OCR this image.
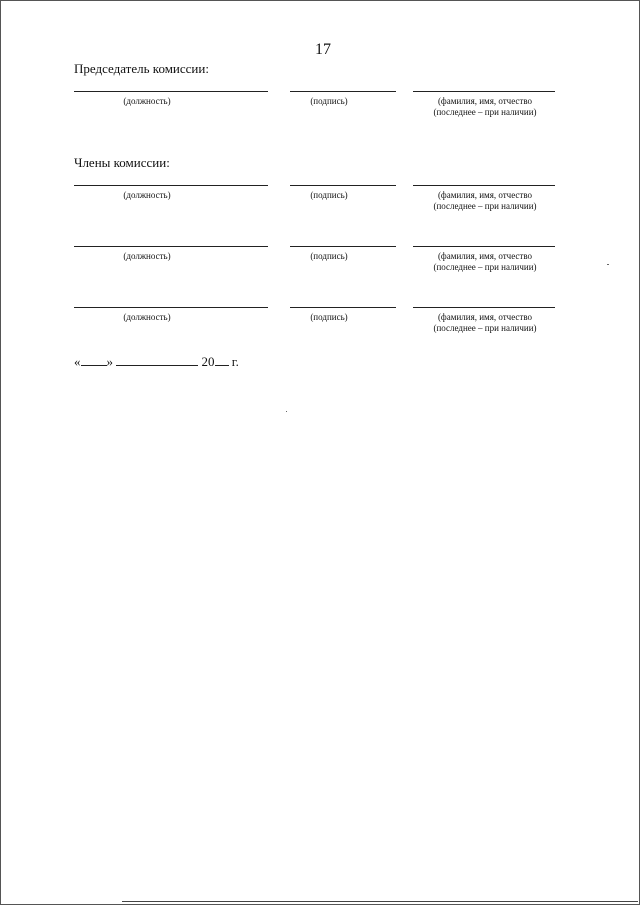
17
Председатель комиссии:
(должность)	(подпись)	(фамилия, имя, отчество
(последнее – при наличии)
Члены комиссии:
(должность)	(подпись)	(фамилия, имя, отчество
(последнее – при наличии)
(должность)	(подпись)	(фамилия, имя, отчество
(последнее – при наличии)
(должность)	(подпись)	(фамилия, имя, отчество
(последнее – при наличии)
« »	20 г.
